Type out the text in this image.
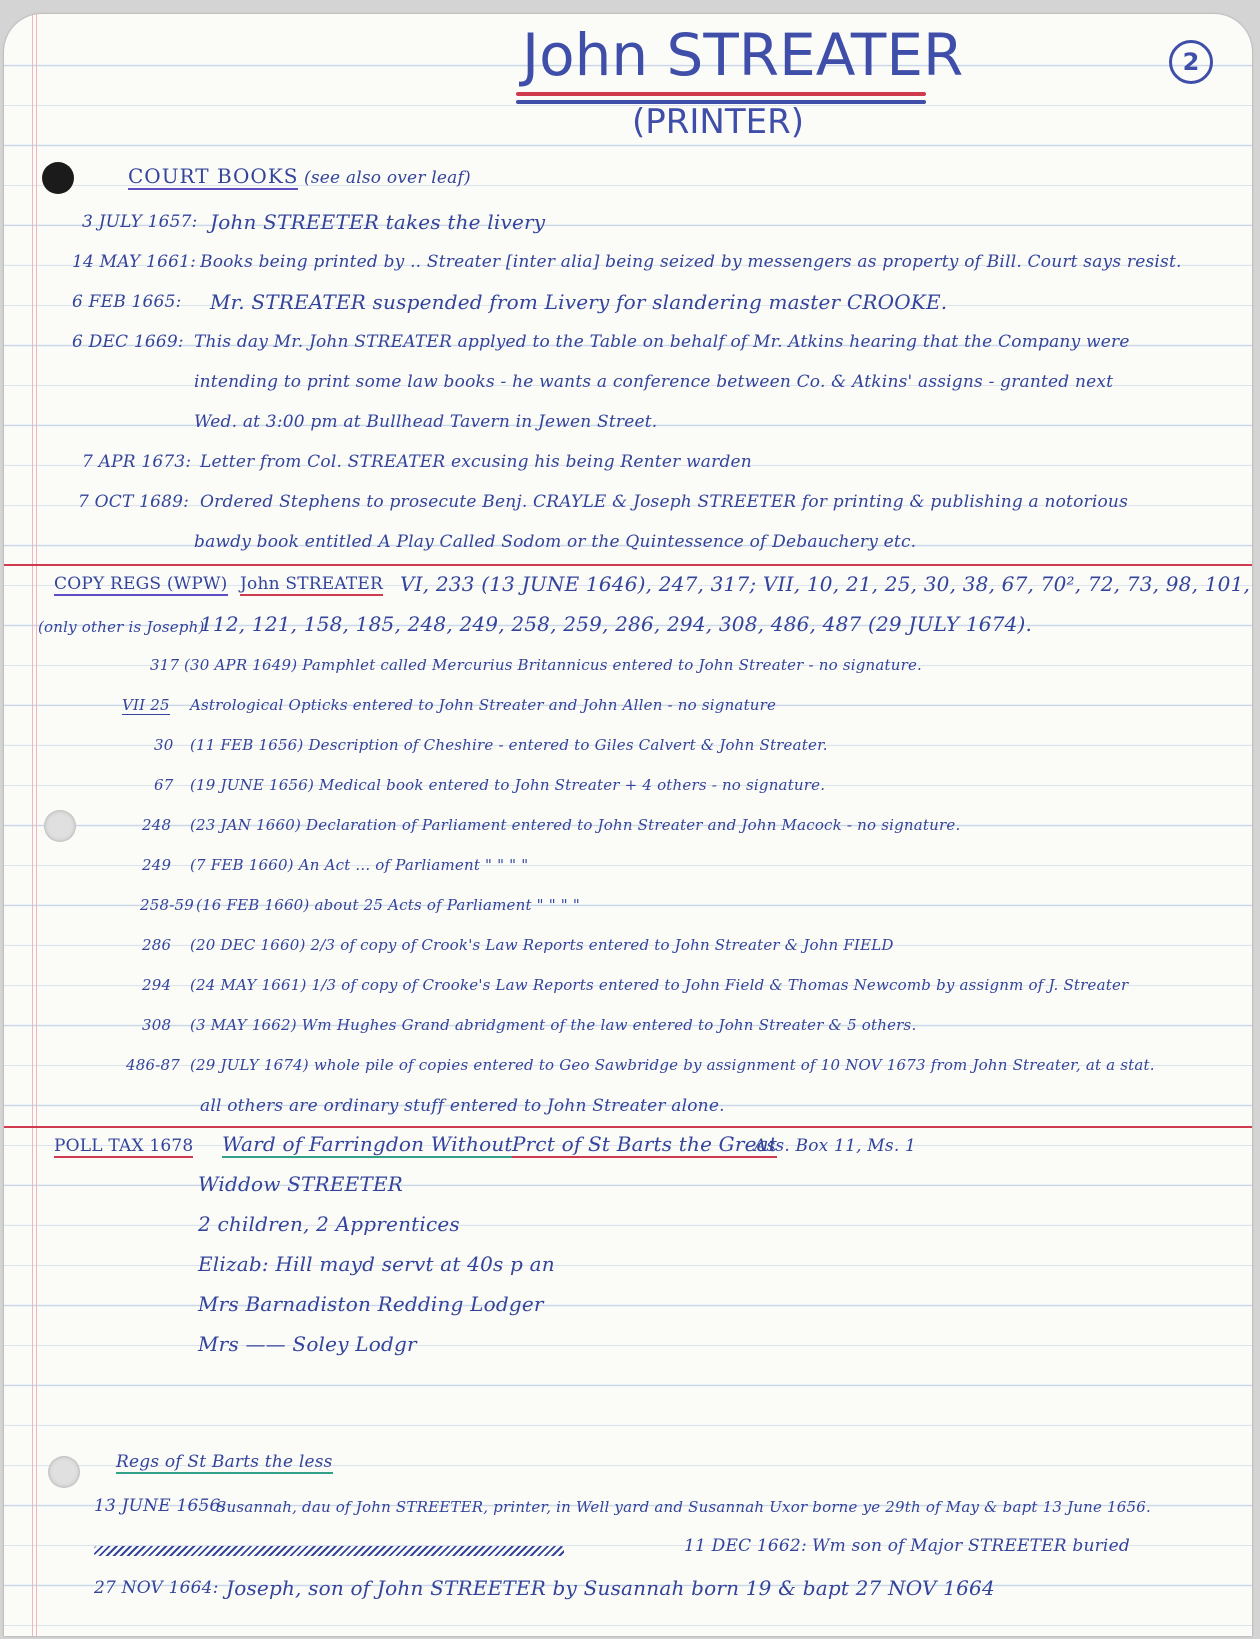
John STREATER
(PRINTER)
2
COURT BOOKS (see also over leaf)
3 JULY 1657: John STREETER takes the livery
14 MAY 1661: Books being printed by .. Streater [inter alia] being seized by messengers as property of Bill. Court says resist.
6 FEB 1665: Mr. STREATER suspended from Livery for slandering master CROOKE.
6 DEC 1669: This day Mr. John STREATER applyed to the Table on behalf of Mr. Atkins hearing that the Company were
intending to print some law books - he wants a conference between Co. & Atkins' assigns - granted next
Wed. at 3:00 pm at Bullhead Tavern in Jewen Street.
7 APR 1673: Letter from Col. STREATER excusing his being Renter warden
7 OCT 1689: Ordered Stephens to prosecute Benj. CRAYLE & Joseph STREETER for printing & publishing a notorious
bawdy book entitled A Play Called Sodom or the Quintessence of Debauchery etc.
COPY REGS (WPW) John STREATER VI, 233 (13 JUNE 1646), 247, 317; VII, 10, 21, 25, 30, 38, 67, 70², 72, 73, 98, 101,
(only other is Joseph)
112, 121, 158, 185, 248, 249, 258, 259, 286, 294, 308, 486, 487 (29 JULY 1674).
317 (30 APR 1649) Pamphlet called Mercurius Britannicus entered to John Streater - no signature.
VII 25 Astrological Opticks entered to John Streater and John Allen - no signature
30 (11 FEB 1656) Description of Cheshire - entered to Giles Calvert & John Streater.
67 (19 JUNE 1656) Medical book entered to John Streater + 4 others - no signature.
248 (23 JAN 1660) Declaration of Parliament entered to John Streater and John Macock - no signature.
249 (7 FEB 1660) An Act ... of Parliament " " " "
258-59 (16 FEB 1660) about 25 Acts of Parliament " " " "
286 (20 DEC 1660) 2/3 of copy of Crook's Law Reports entered to John Streater & John FIELD
294 (24 MAY 1661) 1/3 of copy of Crooke's Law Reports entered to John Field & Thomas Newcomb by assignm of J. Streater
308 (3 MAY 1662) Wm Hughes Grand abridgment of the law entered to John Streater & 5 others.
486-87 (29 JULY 1674) whole pile of copies entered to Geo Sawbridge by assignment of 10 NOV 1673 from John Streater, at a stat.
all others are ordinary stuff entered to John Streater alone.
POLL TAX 1678 Ward of Farringdon Without Prct of St Barts the Great
Ass. Box 11, Ms. 1
Widdow STREETER
2 children, 2 Apprentices
Elizab: Hill mayd servt at 40s p an
Mrs Barnadiston Redding Lodger
Mrs —— Soley Lodgr
Regs of St Barts the less
13 JUNE 1656:
Susannah, dau of John STREETER, printer, in Well yard and Susannah Uxor borne ye 29th of May & bapt 13 June 1656.
11 DEC 1662: Wm son of Major STREETER buried
27 NOV 1664: Joseph, son of John STREETER by Susannah born 19 & bapt 27 NOV 1664
